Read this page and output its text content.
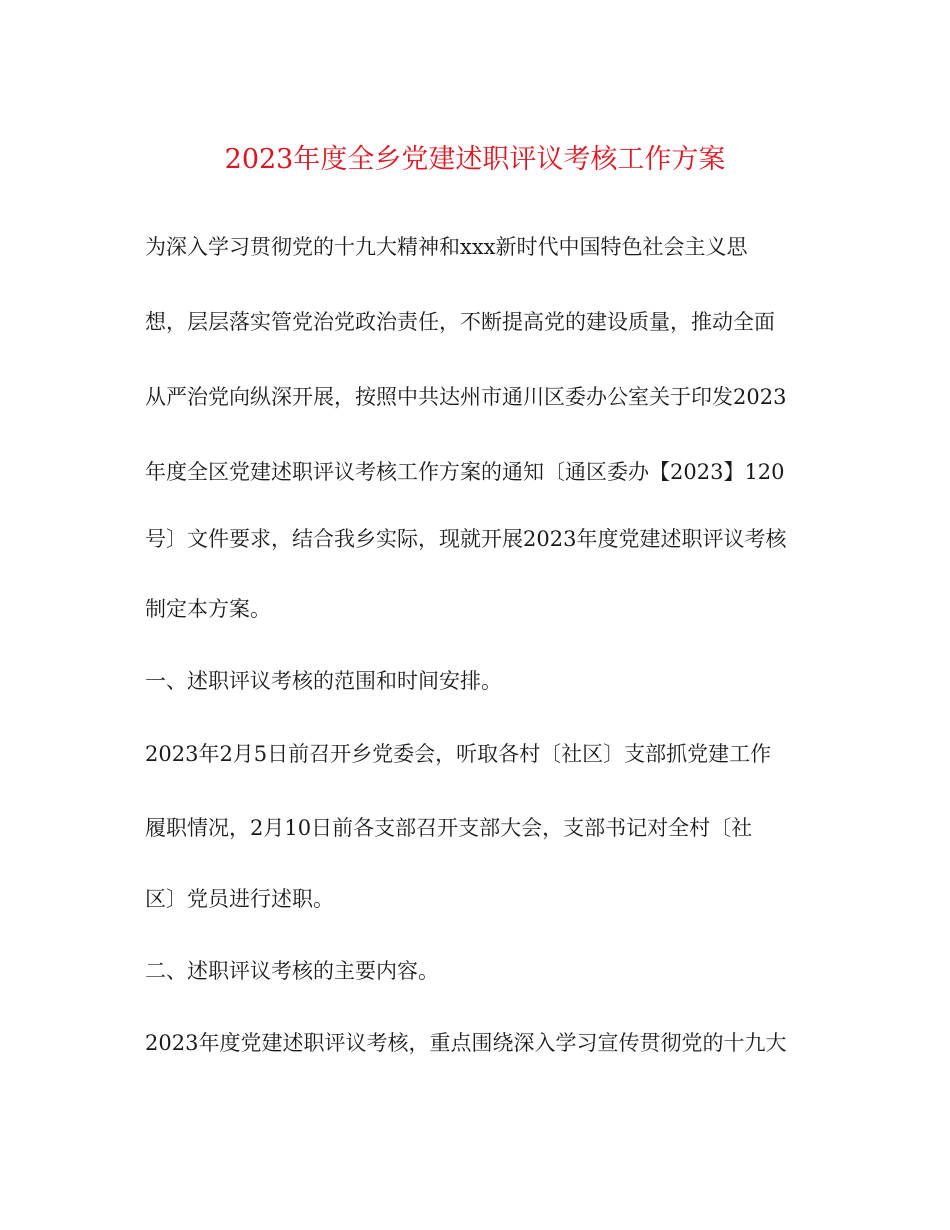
2023年度全乡党建述职评议考核工作方案
为深入学习贯彻党的十九大精神和xxx新时代中国特色社会主义思
想，层层落实管党治党政治责任，不断提高党的建设质量，推动全面
从严治党向纵深开展，按照中共达州市通川区委办公室关于印发2023
年度全区党建述职评议考核工作方案的通知〔通区委办【2023】120
号〕文件要求，结合我乡实际，现就开展2023年度党建述职评议考核
制定本方案。
一、述职评议考核的范围和时间安排。
2023年2月5日前召开乡党委会，听取各村〔社区〕支部抓党建工作
履职情况，2月10日前各支部召开支部大会，支部书记对全村〔社
区〕党员进行述职。
二、述职评议考核的主要内容。
2023年度党建述职评议考核，重点围绕深入学习宣传贯彻党的十九大
